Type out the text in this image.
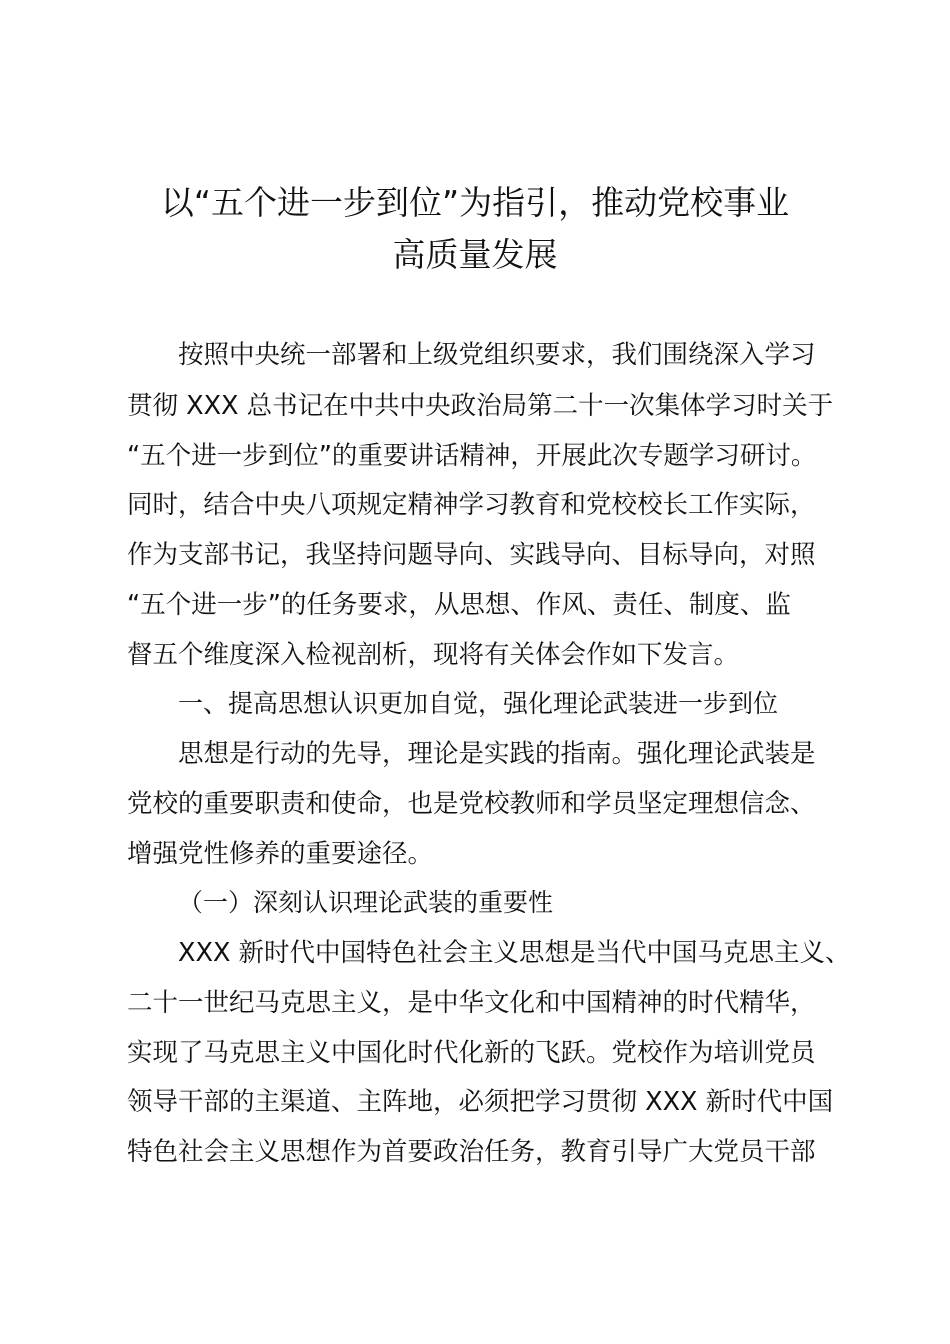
以“五个进一步到位”为指引，推动党校事业
高质量发展
按照中央统一部署和上级党组织要求，我们围绕深入学习
贯彻 XXX 总书记在中共中央政治局第二十一次集体学习时关于
“五个进一步到位”的重要讲话精神，开展此次专题学习研讨。
同时，结合中央八项规定精神学习教育和党校校长工作实际，
作为支部书记，我坚持问题导向、实践导向、目标导向，对照
“五个进一步”的任务要求，从思想、作风、责任、制度、监
督五个维度深入检视剖析，现将有关体会作如下发言。
一、提高思想认识更加自觉，强化理论武装进一步到位
思想是行动的先导，理论是实践的指南。强化理论武装是
党校的重要职责和使命，也是党校教师和学员坚定理想信念、
增强党性修养的重要途径。
（一）深刻认识理论武装的重要性
XXX 新时代中国特色社会主义思想是当代中国马克思主义、
二十一世纪马克思主义，是中华文化和中国精神的时代精华，
实现了马克思主义中国化时代化新的飞跃。党校作为培训党员
领导干部的主渠道、主阵地，必须把学习贯彻 XXX 新时代中国
特色社会主义思想作为首要政治任务，教育引导广大党员干部
